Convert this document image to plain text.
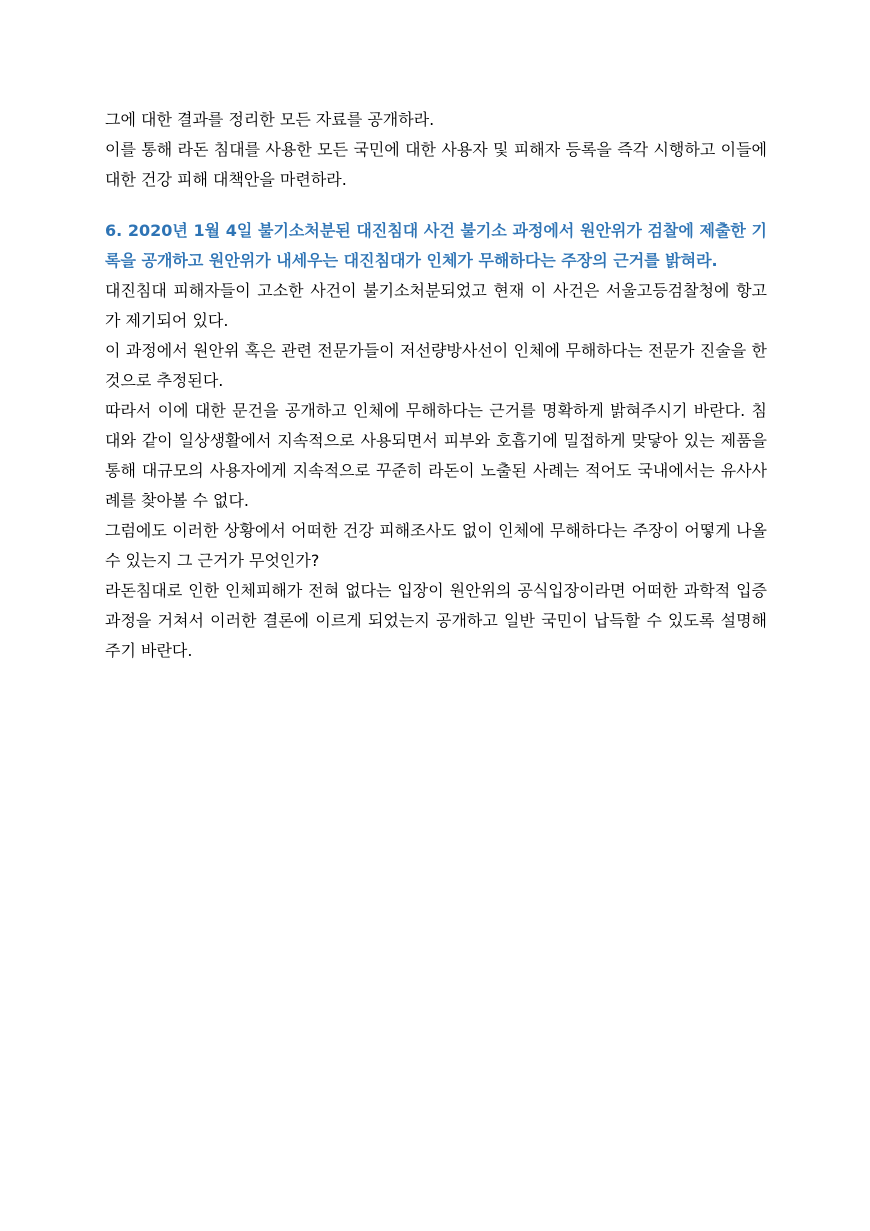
그에 대한 결과를 정리한 모든 자료를 공개하라.

이를 통해 라돈 침대를 사용한 모든 국민에 대한 사용자 및 피해자 등록을 즉각 시행하고 이들에 대한 건강 피해 대책안을 마련하라.

6. 2020년 1월 4일 불기소처분된 대진침대 사건 불기소 과정에서 원안위가 검찰에 제출한 기록을 공개하고 원안위가 내세우는 대진침대가 인체가 무해하다는 주장의 근거를 밝혀라.

대진침대 피해자들이 고소한 사건이 불기소처분되었고 현재 이 사건은 서울고등검찰청에 항고가 제기되어 있다.

이 과정에서 원안위 혹은 관련 전문가들이 저선량방사선이 인체에 무해하다는 전문가 진술을 한 것으로 추정된다.

따라서 이에 대한 문건을 공개하고 인체에 무해하다는 근거를 명확하게 밝혀주시기 바란다. 침대와 같이 일상생활에서 지속적으로 사용되면서 피부와 호흡기에 밀접하게 맞닿아 있는 제품을 통해 대규모의 사용자에게 지속적으로 꾸준히 라돈이 노출된 사례는 적어도 국내에서는 유사사례를 찾아볼 수 없다.

그럼에도 이러한 상황에서 어떠한 건강 피해조사도 없이 인체에 무해하다는 주장이 어떻게 나올 수 있는지 그 근거가 무엇인가?

라돈침대로 인한 인체피해가 전혀 없다는 입장이 원안위의 공식입장이라면 어떠한 과학적 입증 과정을 거쳐서 이러한 결론에 이르게 되었는지 공개하고 일반 국민이 납득할 수 있도록 설명해 주기 바란다.
